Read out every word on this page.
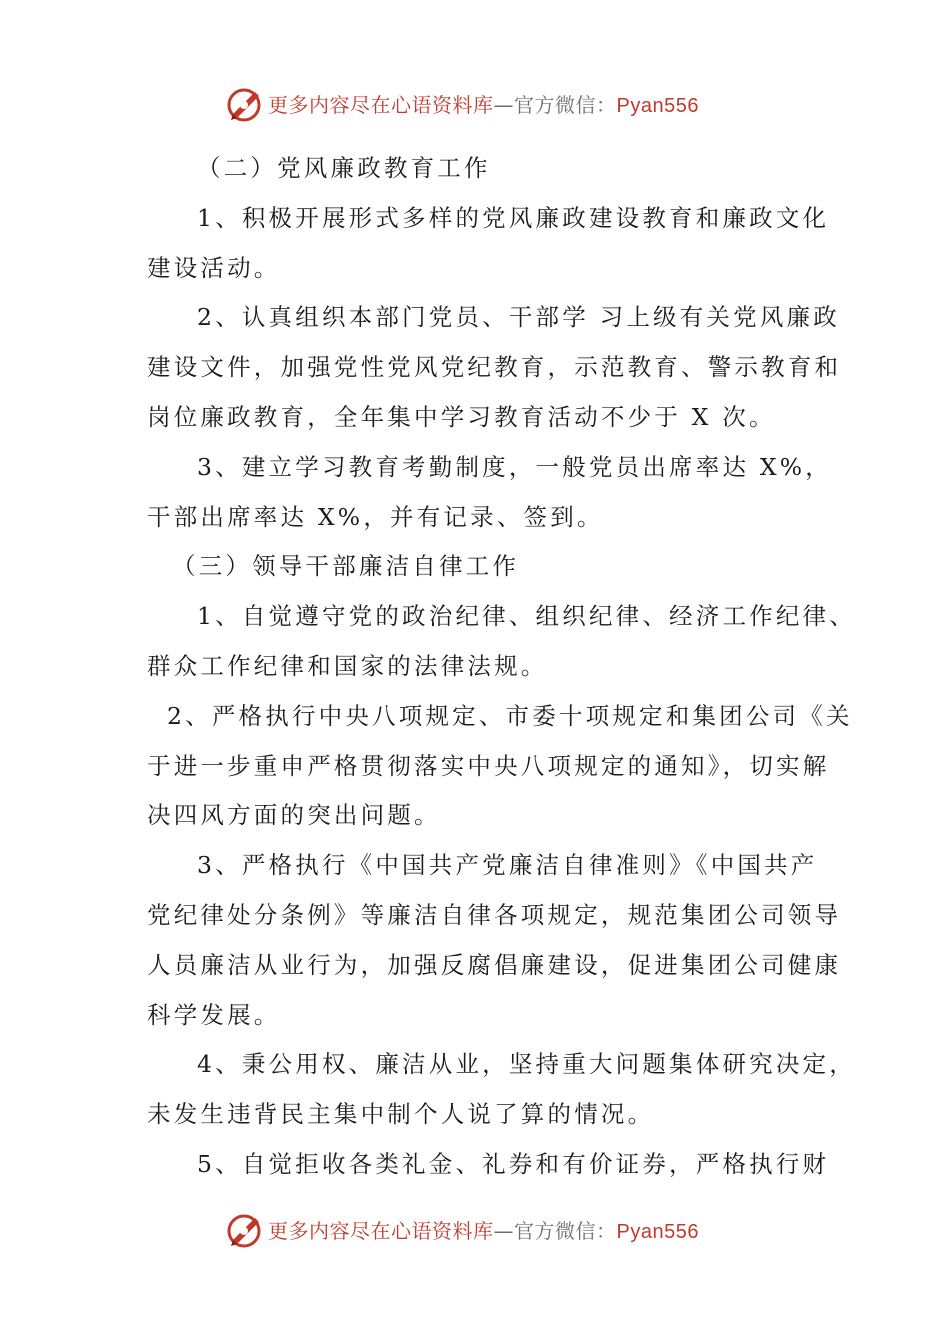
更多内容尽在心语资料库—官方微信：Pyan556
（二）党风廉政教育工作
1、积极开展形式多样的党风廉政建设教育和廉政文化
建设活动。
2、认真组织本部门党员、干部学 习上级有关党风廉政
建设文件，加强党性党风党纪教育，示范教育、警示教育和
岗位廉政教育，全年集中学习教育活动不少于 X 次。
3、建立学习教育考勤制度，一般党员出席率达 X%，
干部出席率达 X%，并有记录、签到。
（三）领导干部廉洁自律工作
1、自觉遵守党的政治纪律、组织纪律、经济工作纪律、
群众工作纪律和国家的法律法规。
2、严格执行中央八项规定、市委十项规定和集团公司《关
于进一步重申严格贯彻落实中央八项规定的通知》，切实解
决四风方面的突出问题。
3、严格执行《中国共产党廉洁自律准则》《中国共产
党纪律处分条例》等廉洁自律各项规定，规范集团公司领导
人员廉洁从业行为，加强反腐倡廉建设，促进集团公司健康
科学发展。
4、秉公用权、廉洁从业，坚持重大问题集体研究决定，
未发生违背民主集中制个人说了算的情况。
5、自觉拒收各类礼金、礼券和有价证券，严格执行财
更多内容尽在心语资料库—官方微信：Pyan556
